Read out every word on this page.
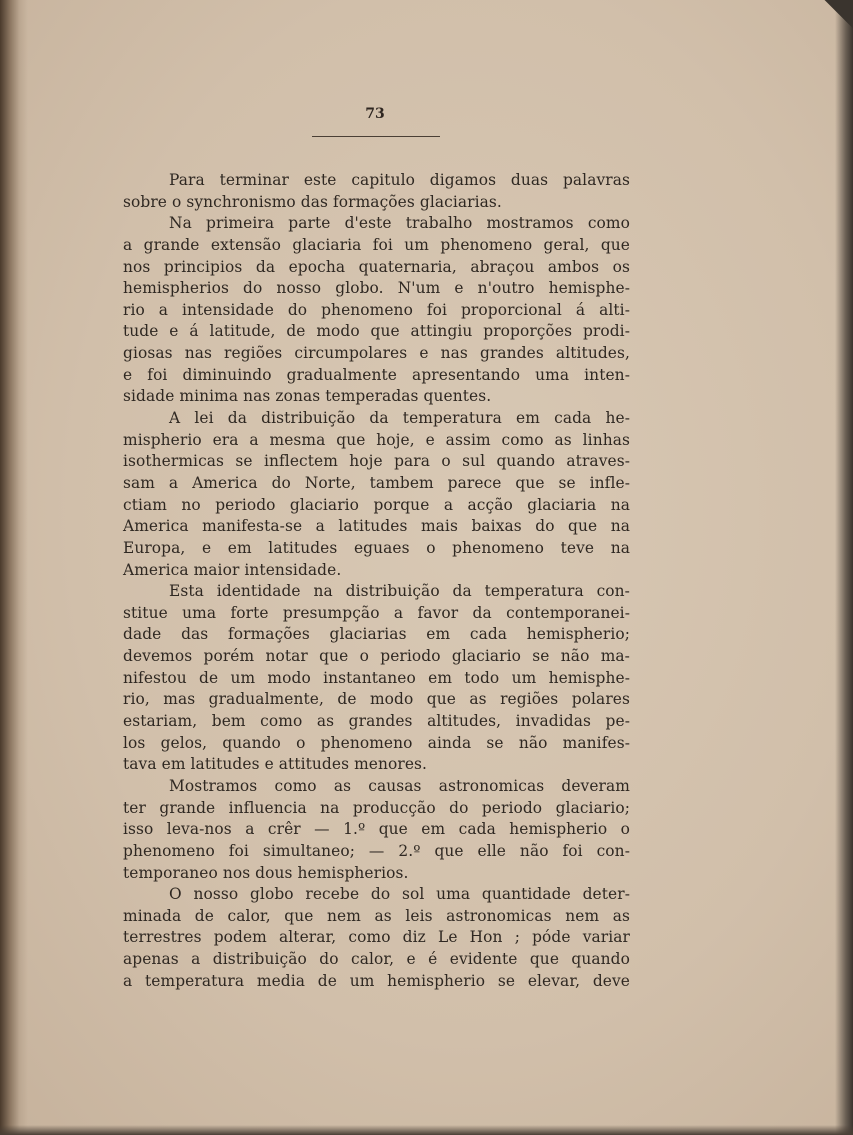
73
Para terminar este capitulo digamos duas palavras
sobre o synchronismo das formações glaciarias.
Na primeira parte d'este trabalho mostramos como
a grande extensão glaciaria foi um phenomeno geral, que
nos principios da epocha quaternaria, abraçou ambos os
hemispherios do nosso globo. N'um e n'outro hemisphe-
rio a intensidade do phenomeno foi proporcional á alti-
tude e á latitude, de modo que attingiu proporções prodi-
giosas nas regiões circumpolares e nas grandes altitudes,
e foi diminuindo gradualmente apresentando uma inten-
sidade minima nas zonas temperadas quentes.
A lei da distribuição da temperatura em cada he-
mispherio era a mesma que hoje, e assim como as linhas
isothermicas se inflectem hoje para o sul quando atraves-
sam a America do Norte, tambem parece que se infle-
ctiam no periodo glaciario porque a acção glaciaria na
America manifesta-se a latitudes mais baixas do que na
Europa, e em latitudes eguaes o phenomeno teve na
America maior intensidade.
Esta identidade na distribuição da temperatura con-
stitue uma forte presumpção a favor da contemporanei-
dade das formações glaciarias em cada hemispherio;
devemos porém notar que o periodo glaciario se não ma-
nifestou de um modo instantaneo em todo um hemisphe-
rio, mas gradualmente, de modo que as regiões polares
estariam, bem como as grandes altitudes, invadidas pe-
los gelos, quando o phenomeno ainda se não manifes-
tava em latitudes e attitudes menores.
Mostramos como as causas astronomicas deveram
ter grande influencia na producção do periodo glaciario;
isso leva-nos a crêr — 1.º que em cada hemispherio o
phenomeno foi simultaneo; — 2.º que elle não foi con-
temporaneo nos dous hemispherios.
O nosso globo recebe do sol uma quantidade deter-
minada de calor, que nem as leis astronomicas nem as
terrestres podem alterar, como diz Le Hon ; póde variar
apenas a distribuição do calor, e é evidente que quando
a temperatura media de um hemispherio se elevar, deve
